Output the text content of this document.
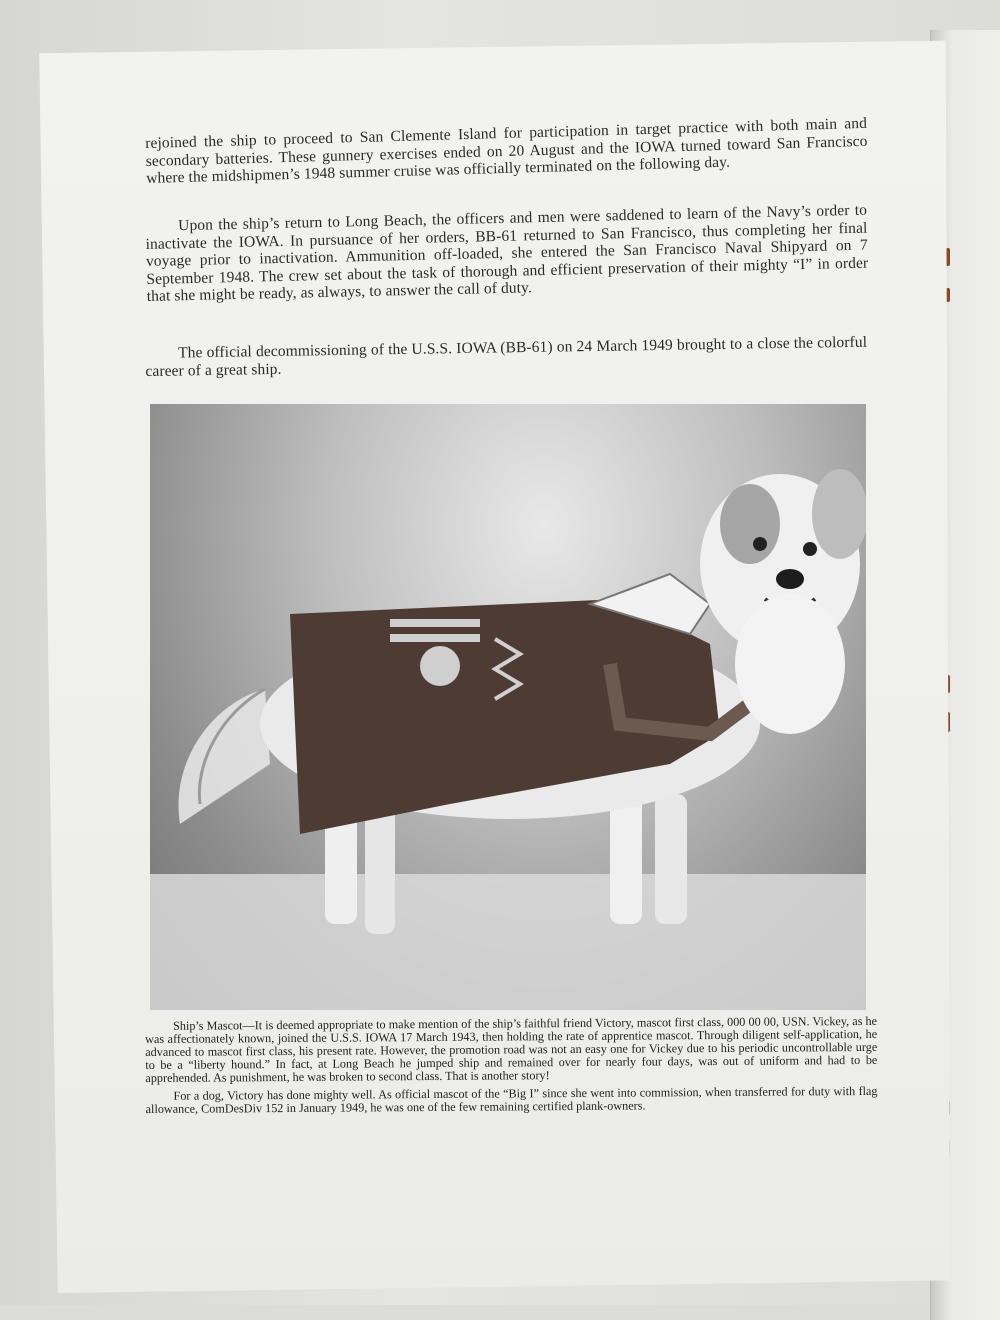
rejoined the ship to proceed to San Clemente Island for participation in target practice with both main and secondary batteries. These gunnery exercises ended on 20 August and the IOWA turned toward San Francisco where the midshipmen’s 1948 summer cruise was officially terminated on the following day.

Upon the ship’s return to Long Beach, the officers and men were saddened to learn of the Navy’s order to inactivate the IOWA. In pursuance of her orders, BB-61 returned to San Francisco, thus completing her final voyage prior to inactivation. Ammunition off-loaded, she entered the San Francisco Naval Shipyard on 7 September 1948. The crew set about the task of thorough and efficient preservation of their mighty “I” in order that she might be ready, as always, to answer the call of duty.

The official decommissioning of the U.S.S. IOWA (BB-61) on 24 March 1949 brought to a close the colorful career of a great ship.

Ship’s Mascot—It is deemed appropriate to make mention of the ship’s faithful friend Victory, mascot first class, 000 00 00, USN. Vickey, as he was affectionately known, joined the U.S.S. IOWA 17 March 1943, then holding the rate of apprentice mascot. Through diligent self-application, he advanced to mascot first class, his present rate. However, the promotion road was not an easy one for Vickey due to his periodic uncontrollable urge to be a “liberty hound.” In fact, at Long Beach he jumped ship and remained over for nearly four days, was out of uniform and had to be apprehended. As punishment, he was broken to second class. That is another story!

For a dog, Victory has done mighty well. As official mascot of the “Big I” since she went into commission, when transferred for duty with flag allowance, ComDesDiv 152 in January 1949, he was one of the few remaining certified plank-owners.
